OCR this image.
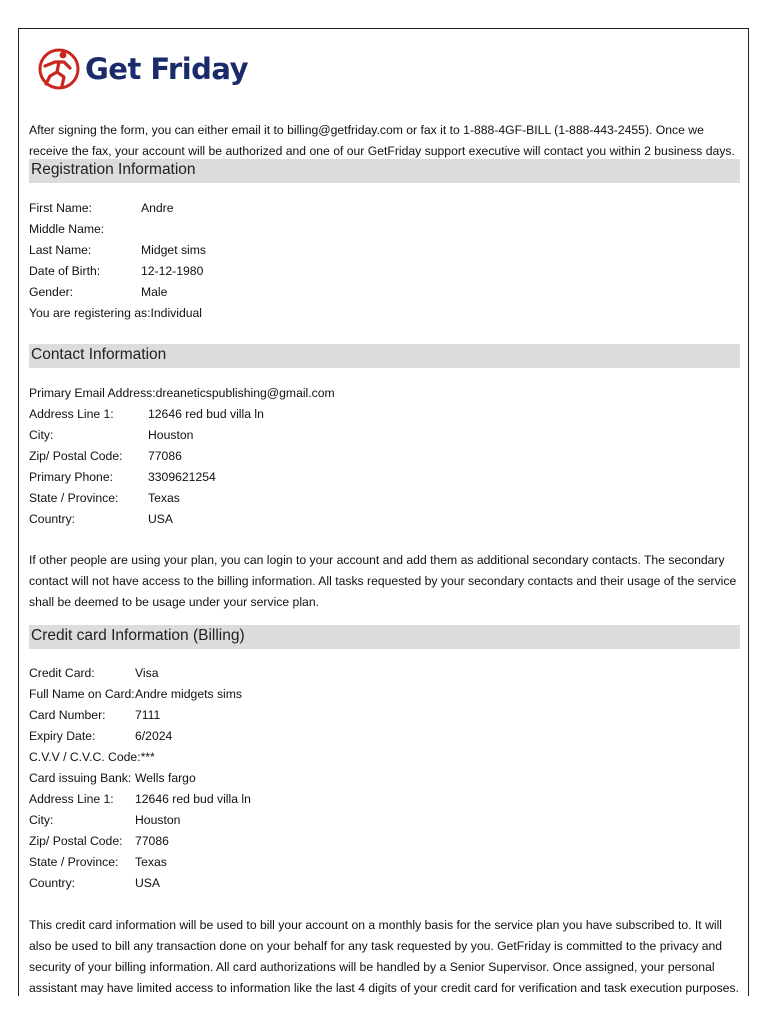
Get Friday
After signing the form, you can either email it to billing@getfriday.com or fax it to 1-888-4GF-BILL (1-888-443-2455). Once we receive the fax, your account will be authorized and one of our GetFriday support executive will contact you within 2 business days.
Registration Information
First Name:	Andre
Middle Name:
Last Name:	Midget sims
Date of Birth:	12-12-1980
Gender:	Male
You are registering as: Individual
Contact Information
Primary Email Address: dreaneticspublishing@gmail.com
Address Line 1:	12646 red bud villa ln
City:	Houston
Zip/ Postal Code:	77086
Primary Phone:	3309621254
State / Province:	Texas
Country:	USA
If other people are using your plan, you can login to your account and add them as additional secondary contacts. The secondary contact will not have access to the billing information. All tasks requested by your secondary contacts and their usage of the service shall be deemed to be usage under your service plan.
Credit card Information (Billing)
Credit Card:	Visa
Full Name on Card: Andre midgets sims
Card Number:	7111
Expiry Date:	6/2024
C.V.V / C.V.C. Code: ***
Card issuing Bank: Wells fargo
Address Line 1:	12646 red bud villa ln
City:	Houston
Zip/ Postal Code:	77086
State / Province:	Texas
Country:	USA
This credit card information will be used to bill your account on a monthly basis for the service plan you have subscribed to. It will also be used to bill any transaction done on your behalf for any task requested by you. GetFriday is committed to the privacy and security of your billing information. All card authorizations will be handled by a Senior Supervisor. Once assigned, your personal assistant may have limited access to information like the last 4 digits of your credit card for verification and task execution purposes.
